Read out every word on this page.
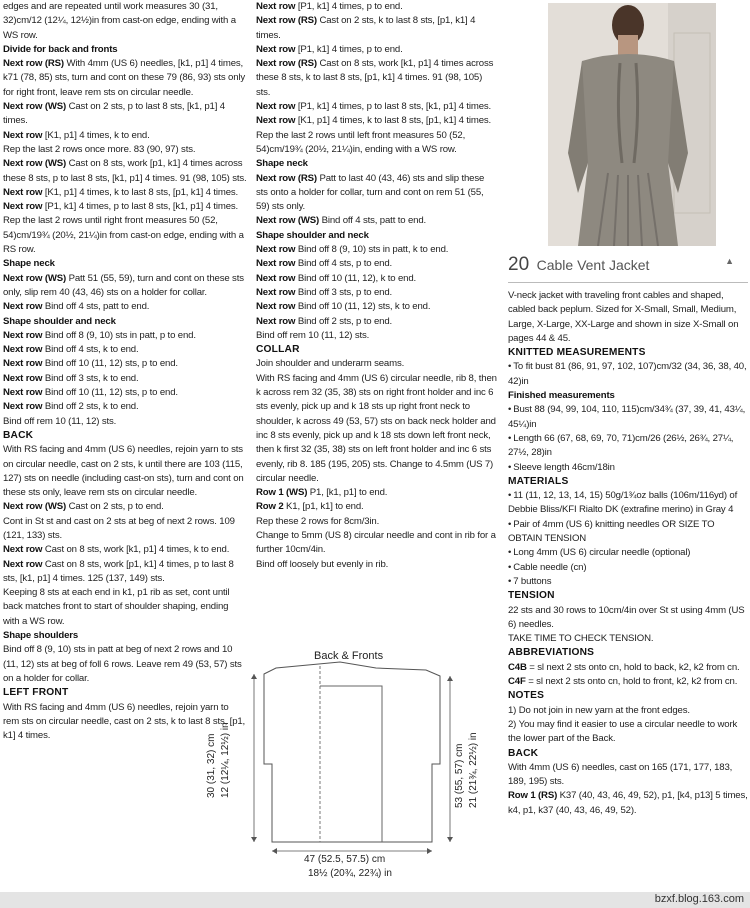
edges and are repeated until work measures 30 (31, 32)cm/12 (12¼, 12½)in from cast-on edge, ending with a WS row.
Divide for back and fronts
Next row (RS) With 4mm (US 6) needles, [k1, p1] 4 times, k71 (78, 85) sts, turn and cont on these 79 (86, 93) sts only for right front, leave rem sts on circular needle.
Next row (WS) Cast on 2 sts, p to last 8 sts, [k1, p1] 4 times.
Next row [K1, p1] 4 times, k to end.
Rep the last 2 rows once more. 83 (90, 97) sts.
Next row (WS) Cast on 8 sts, work [p1, k1] 4 times across these 8 sts, p to last 8 sts, [k1, p1] 4 times. 91 (98, 105) sts.
Next row [K1, p1] 4 times, k to last 8 sts, [p1, k1] 4 times.
Next row [P1, k1] 4 times, p to last 8 sts, [k1, p1] 4 times.
Rep the last 2 rows until right front measures 50 (52, 54)cm/19¾ (20½, 21¼)in from cast-on edge, ending with a RS row.
Shape neck
Next row (WS) Patt 51 (55, 59), turn and cont on these sts only, slip rem 40 (43, 46) sts on a holder for collar.
Next row Bind off 4 sts, patt to end.
Shape shoulder and neck
Next row Bind off 8 (9, 10) sts in patt, p to end.
Next row Bind off 4 sts, k to end.
Next row Bind off 10 (11, 12) sts, p to end.
Next row Bind off 3 sts, k to end.
Next row Bind off 10 (11, 12) sts, p to end.
Next row Bind off 2 sts, k to end.
Bind off rem 10 (11, 12) sts.
BACK
With RS facing and 4mm (US 6) needles, rejoin yarn to sts on circular needle, cast on 2 sts, k until there are 103 (115, 127) sts on needle (including cast-on sts), turn and cont on these sts only, leave rem sts on circular needle.
Next row (WS) Cast on 2 sts, p to end.
Cont in St st and cast on 2 sts at beg of next 2 rows. 109 (121, 133) sts.
Next row Cast on 8 sts, work [k1, p1] 4 times, k to end.
Next row Cast on 8 sts, work [p1, k1] 4 times, p to last 8 sts, [k1, p1] 4 times. 125 (137, 149) sts.
Keeping 8 sts at each end in k1, p1 rib as set, cont until back matches front to start of shoulder shaping, ending with a WS row.
Shape shoulders
Bind off 8 (9, 10) sts in patt at beg of next 2 rows and 10 (11, 12) sts at beg of foll 6 rows. Leave rem 49 (53, 57) sts on a holder for collar.
LEFT FRONT
With RS facing and 4mm (US 6) needles, rejoin yarn to rem sts on circular needle, cast on 2 sts, k to last 8 sts, [p1, k1] 4 times.
Next row [P1, k1] 4 times, p to end.
Next row (RS) Cast on 2 sts, k to last 8 sts, [p1, k1] 4 times.
Next row [P1, k1] 4 times, p to end.
Next row (RS) Cast on 8 sts, work [k1, p1] 4 times across these 8 sts, k to last 8 sts, [p1, k1] 4 times. 91 (98, 105) sts.
Next row [P1, k1] 4 times, p to last 8 sts, [k1, p1] 4 times.
Next row [K1, p1] 4 times, k to last 8 sts, [p1, k1] 4 times.
Rep the last 2 rows until left front measures 50 (52, 54)cm/19¾ (20½, 21¼)in, ending with a WS row.
Shape neck
Next row (RS) Patt to last 40 (43, 46) sts and slip these sts onto a holder for collar, turn and cont on rem 51 (55, 59) sts only.
Next row (WS) Bind off 4 sts, patt to end.
Shape shoulder and neck
Next row Bind off 8 (9, 10) sts in patt, k to end.
Next row Bind off 4 sts, p to end.
Next row Bind off 10 (11, 12), k to end.
Next row Bind off 3 sts, p to end.
Next row Bind off 10 (11, 12) sts, k to end.
Next row Bind off 2 sts, p to end.
Bind off rem 10 (11, 12) sts.
COLLAR
Join shoulder and underarm seams.
With RS facing and 4mm (US 6) circular needle, rib 8, then k across rem 32 (35, 38) sts on right front holder and inc 6 sts evenly, pick up and k 18 sts up right front neck to shoulder, k across 49 (53, 57) sts on back neck holder and inc 8 sts evenly, pick up and k 18 sts down left front neck, then k first 32 (35, 38) sts on left front holder and inc 6 sts evenly, rib 8. 185 (195, 205) sts. Change to 4.5mm (US 7) circular needle.
Row 1 (WS) P1, [k1, p1] to end.
Row 2 K1, [p1, k1] to end.
Rep these 2 rows for 8cm/3in.
Change to 5mm (US 8) circular needle and cont in rib for a further 10cm/4in.
Bind off loosely but evenly in rib.
20 Cable Vent Jacket	▲
V-neck jacket with traveling front cables and shaped, cabled back peplum. Sized for X-Small, Small, Medium, Large, X-Large, XX-Large and shown in size X-Small on pages 44 & 45.
KNITTED MEASUREMENTS
• To fit bust 81 (86, 91, 97, 102, 107)cm/32 (34, 36, 38, 40, 42)in
Finished measurements
• Bust 88 (94, 99, 104, 110, 115)cm/34¾ (37, 39, 41, 43¼, 45¼)in
• Length 66 (67, 68, 69, 70, 71)cm/26 (26½, 26¾, 27¼, 27½, 28)in
• Sleeve length 46cm/18in
MATERIALS
• 11 (11, 12, 13, 14, 15) 50g/1¾oz balls (106m/116yd) of Debbie Bliss/KFI Rialto DK (extrafine merino) in Gray 4
• Pair of 4mm (US 6) knitting needles OR SIZE TO OBTAIN TENSION
• Long 4mm (US 6) circular needle (optional)
• Cable needle (cn)
• 7 buttons
TENSION
22 sts and 30 rows to 10cm/4in over St st using 4mm (US 6) needles.
TAKE TIME TO CHECK TENSION.
ABBREVIATIONS
C4B = sl next 2 sts onto cn, hold to back, k2, k2 from cn.
C4F = sl next 2 sts onto cn, hold to front, k2, k2 from cn.
NOTES
1) Do not join in new yarn at the front edges.
2) You may find it easier to use a circular needle to work the lower part of the Back.
BACK
With 4mm (US 6) needles, cast on 165 (171, 177, 183, 189, 195) sts.
Row 1 (RS) K37 (40, 43, 46, 49, 52), p1, [k4, p13] 5 times, k4, p1, k37 (40, 43, 46, 49, 52).
Back & Fronts
47 (52.5, 57.5) cm
18½ (20¾, 22¾) in
30 (31, 32) cm 12 (12¼, 12½) in	53 (55, 57) cm 21 (21¾, 22½) in
bzxf.blog.163.com
